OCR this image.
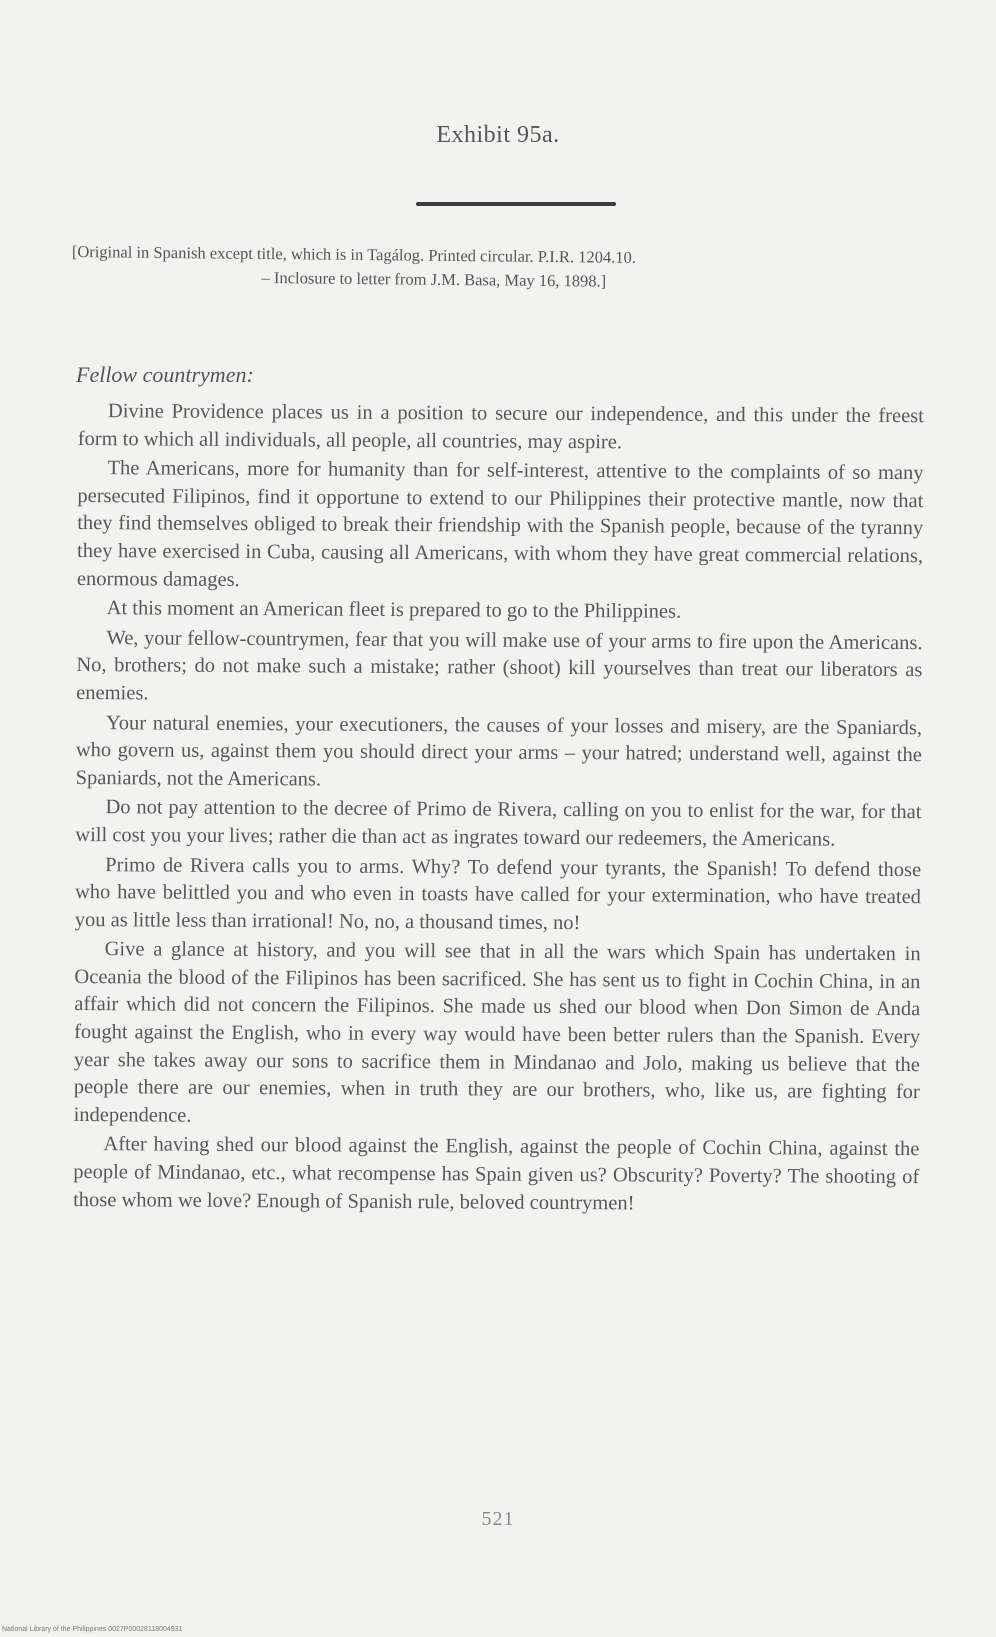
Exhibit 95a.
[Original in Spanish except title, which is in Tagálog. Printed circular. P.I.R. 1204.10.
– Inclosure to letter from J.M. Basa, May 16, 1898.]
Fellow countrymen:

Divine Providence places us in a position to secure our independence, and this under the freest form to which all individuals, all people, all countries, may aspire.

The Americans, more for humanity than for self-interest, attentive to the complaints of so many persecuted Filipinos, find it opportune to extend to our Philippines their protective mantle, now that they find themselves obliged to break their friendship with the Spanish people, because of the tyranny they have exercised in Cuba, causing all Americans, with whom they have great commercial relations, enormous damages.

At this moment an American fleet is prepared to go to the Philippines.

We, your fellow-countrymen, fear that you will make use of your arms to fire upon the Americans. No, brothers; do not make such a mistake; rather (shoot) kill yourselves than treat our liberators as enemies.

Your natural enemies, your executioners, the causes of your losses and misery, are the Spaniards, who govern us, against them you should direct your arms – your hatred; understand well, against the Spaniards, not the Americans.

Do not pay attention to the decree of Primo de Rivera, calling on you to enlist for the war, for that will cost you your lives; rather die than act as ingrates toward our redeemers, the Americans.

Primo de Rivera calls you to arms. Why? To defend your tyrants, the Spanish! To defend those who have belittled you and who even in toasts have called for your extermination, who have treated you as little less than irrational! No, no, a thousand times, no!

Give a glance at history, and you will see that in all the wars which Spain has undertaken in Oceania the blood of the Filipinos has been sacrificed. She has sent us to fight in Cochin China, in an affair which did not concern the Filipinos. She made us shed our blood when Don Simon de Anda fought against the English, who in every way would have been better rulers than the Spanish. Every year she takes away our sons to sacrifice them in Mindanao and Jolo, making us believe that the people there are our enemies, when in truth they are our brothers, who, like us, are fighting for independence.

After having shed our blood against the English, against the people of Cochin China, against the people of Mindanao, etc., what recompense has Spain given us? Obscurity? Poverty? The shooting of those whom we love? Enough of Spanish rule, beloved countrymen!

521
National Library of the Philippines 0027P00028118004931
